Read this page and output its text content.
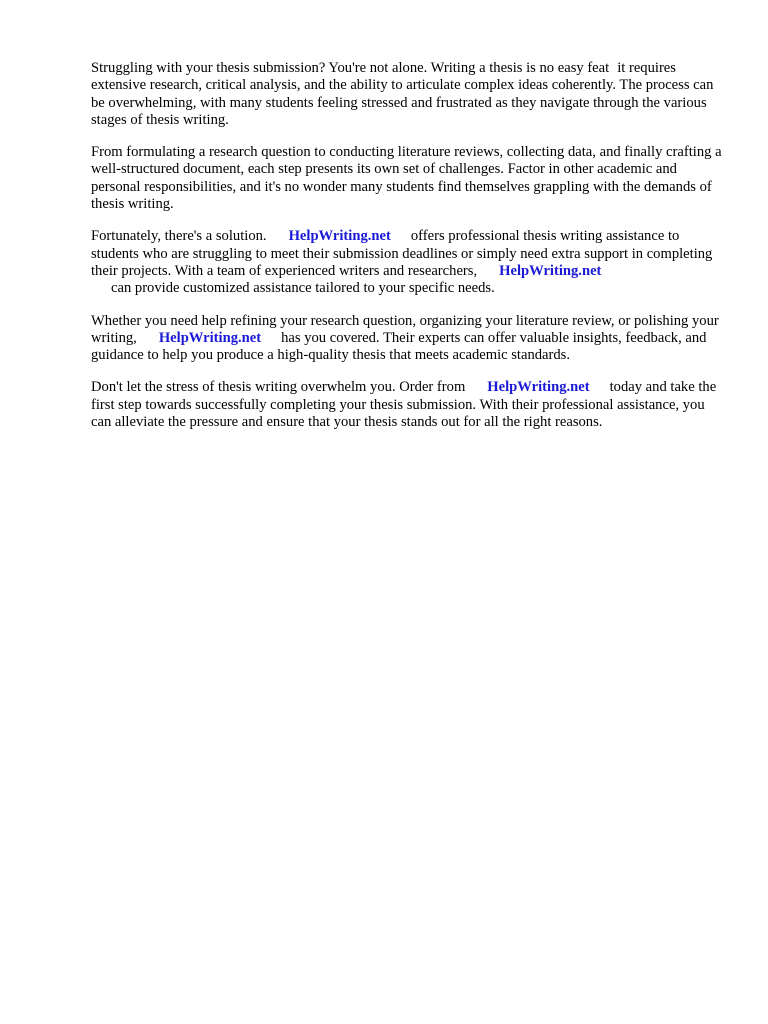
Struggling with your thesis submission? You're not alone. Writing a thesis is no easy feat it requires extensive research, critical analysis, and the ability to articulate complex ideas coherently. The process can be overwhelming, with many students feeling stressed and frustrated as they navigate through the various stages of thesis writing.

From formulating a research question to conducting literature reviews, collecting data, and finally crafting a well-structured document, each step presents its own set of challenges. Factor in other academic and personal responsibilities, and it's no wonder many students find themselves grappling with the demands of thesis writing.

Fortunately, there's a solution. HelpWriting.net offers professional thesis writing assistance to students who are struggling to meet their submission deadlines or simply need extra support in completing their projects. With a team of experienced writers and researchers, HelpWriting.net
can provide customized assistance tailored to your specific needs.

Whether you need help refining your research question, organizing your literature review, or polishing your writing, HelpWriting.net has you covered. Their experts can offer valuable insights, feedback, and guidance to help you produce a high-quality thesis that meets academic standards.

Don't let the stress of thesis writing overwhelm you. Order from HelpWriting.net today and take the first step towards successfully completing your thesis submission. With their professional assistance, you can alleviate the pressure and ensure that your thesis stands out for all the right reasons.
